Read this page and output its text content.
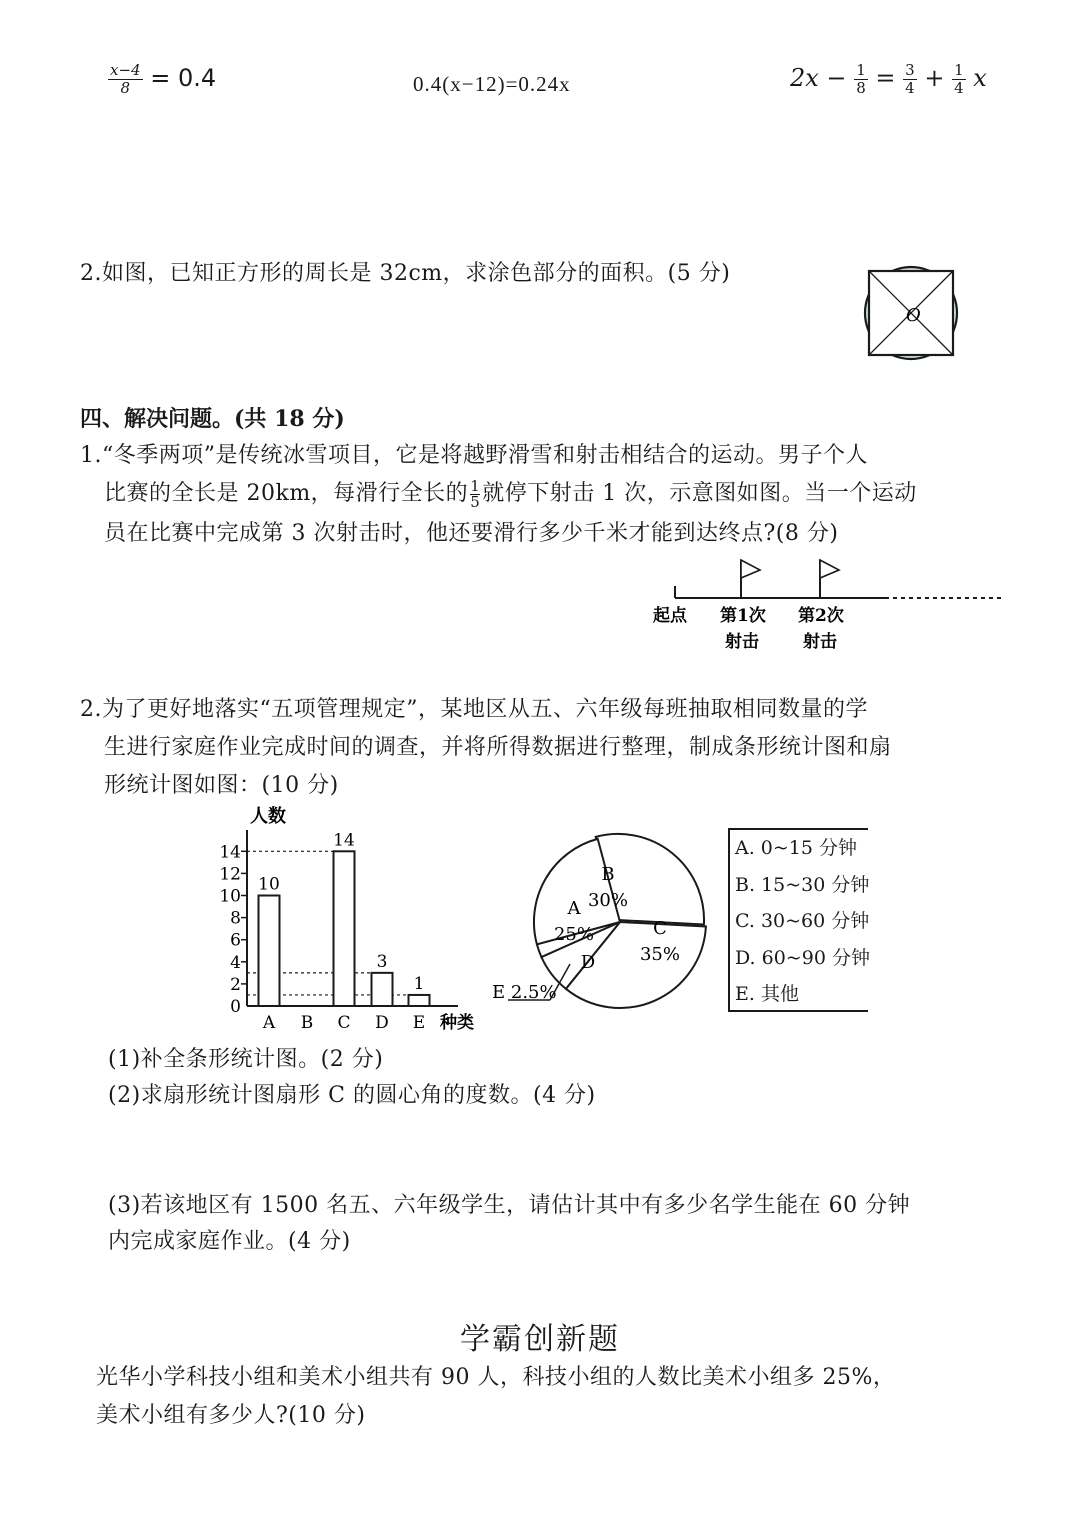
$\frac{x-4}{8} = 0.4$	0.4(x−12)=0.24x	$2x - \frac{1}{8} = \frac{3}{4} + \frac{1}{4}$ x
2.如图，已知正方形的周长是 32cm，求涂色部分的面积。(5 分)
O
四、解决问题。(共 18 分)
1.“冬季两项”是传统冰雪项目，它是将越野滑雪和射击相结合的运动。男子个人
比赛的全长是 20km，每滑行全长的 $\frac{1}{5}$就停下射击 1 次，示意图如图。当一个运动
员在比赛中完成第 3 次射击时，他还要滑行多少千米才能到达终点?(8 分)
起点 第1次
射击
第2次
射击
2.为了更好地落实“五项管理规定”，某地区从五、六年级每班抽取相同数量的学
生进行家庭作业完成时间的调查，并将所得数据进行整理，制成条形统计图和扇
形统计图如图：(10 分)
人数
0
2
4
6
8
10
12
14
A
10
B C
14
D
3
E
1
种类
B
30%
C
35%
D
A
25%
E 2.5%
A. 0~15 分钟
B. 15~30 分钟
C. 30~60 分钟
D. 60~90 分钟
E. 其他
(1)补全条形统计图。(2 分)
(2)求扇形统计图扇形 C 的圆心角的度数。(4 分)
(3)若该地区有 1500 名五、六年级学生，请估计其中有多少名学生能在 60 分钟
内完成家庭作业。(4 分)
学霸创新题
光华小学科技小组和美术小组共有 90 人，科技小组的人数比美术小组多 25%，
美术小组有多少人?(10 分)
